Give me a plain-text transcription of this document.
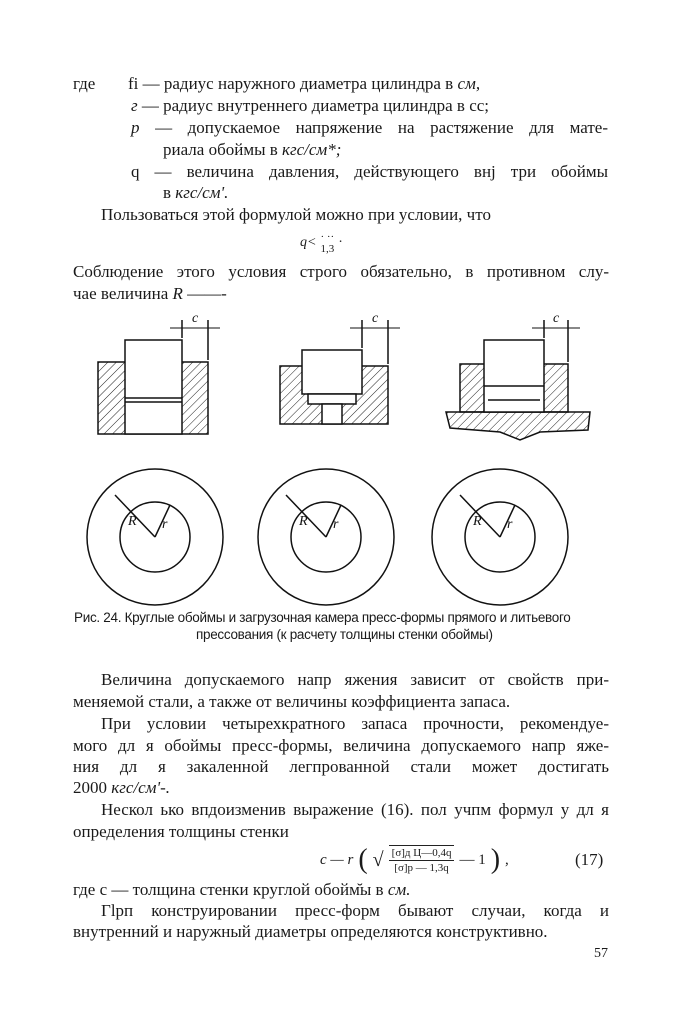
где fi — радиус наружного диаметра цилиндра в см,
г — радиус внутреннего диаметра цилиндра в сс;
р — допускаемое напряжение на растяжение для мате-
риала обоймы в кгс/см*;
q — величина давления, действующего внj три обоймы
в кгс/см'.
Пользоваться этой формулой можно при условии, что
q< · ··
1,3 ·
Соблюдение этого условия строго обязательно, в противном слу-
чае величина R ——-
c	c	c
R r	R r	R r
Рис. 24. Круглые обоймы и загрузочная камера пресс-формы прямого и литьевого
прессования (к расчету толщины стенки обоймы)
Величина допускаемого напр яжения зависит от свойств при-
меняемой стали, а также от величины коэффициента запаса.
При условии четырехкратного запаса прочности, рекомендуе-
мого дл я обоймы пресс-формы, величина допускаемого напр яже-
ния дл я закаленной легпрованной стали может достигать
2000 кгс/см'-.
Нескол ько впдоизменив выражение (16). пол учпм формул у дл я
определения толщины стенки
c — r ( √ [σ]д Ц—0,4q
[σ]р — 1,3q — 1 ) ,	(17)
где с — толщина стенки круглой обойм̆ы в см.
Гlрп конструировании пресс-форм бывают случаи, когда и
внутренний и наружный диаметры определяются конструктивно.
57
